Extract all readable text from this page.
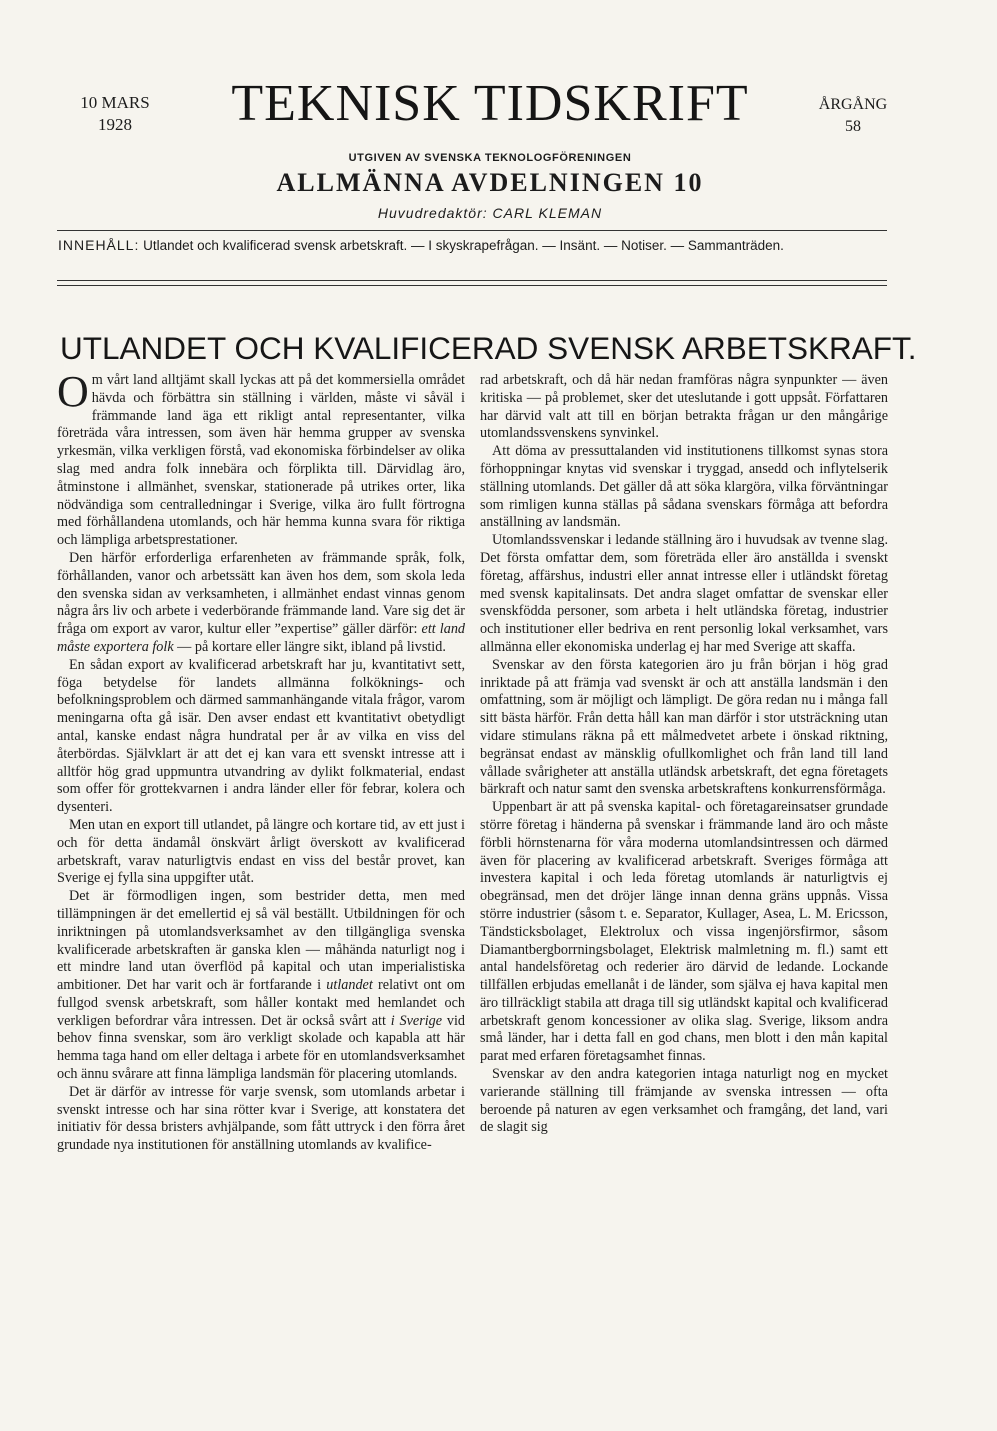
10 MARS
1928	TEKNISK TIDSKRIFT	ÅRGÅNG
58
UTGIVEN AV SVENSKA TEKNOLOGFÖRENINGEN
ALLMÄNNA AVDELNINGEN 10
Huvudredaktör: CARL KLEMAN
INNEHÅLL: Utlandet och kvalificerad svensk arbetskraft. — I skyskrapefrågan. — Insänt. — Notiser. — Sammanträden.
UTLANDET OCH KVALIFICERAD SVENSK ARBETSKRAFT.

Om vårt land alltjämt skall lyckas att på det kommersiella området hävda och förbättra sin ställning i världen, måste vi såväl i främmande land äga ett rikligt antal representanter, vilka företräda våra intressen, som även här hemma grupper av svenska yrkesmän, vilka verkligen förstå, vad ekonomiska förbindelser av olika slag med andra folk innebära och förplikta till. Därvidlag äro, åtminstone i allmänhet, svenskar, stationerade på utrikes orter, lika nödvändiga som centralledningar i Sverige, vilka äro fullt förtrogna med förhållandena utomlands, och här hemma kunna svara för riktiga och lämpliga arbetsprestationer.

Den härför erforderliga erfarenheten av främmande språk, folk, förhållanden, vanor och arbetssätt kan även hos dem, som skola leda den svenska sidan av verksamheten, i allmänhet endast vinnas genom några års liv och arbete i vederbörande främmande land. Vare sig det är fråga om export av varor, kultur eller ”expertise” gäller därför: ett land måste exportera folk — på kortare eller längre sikt, ibland på livstid.

En sådan export av kvalificerad arbetskraft har ju, kvantitativt sett, föga betydelse för landets allmänna folköknings- och befolkningsproblem och därmed sammanhängande vitala frågor, varom meningarna ofta gå isär. Den avser endast ett kvantitativt obetydligt antal, kanske endast några hundratal per år av vilka en viss del återbördas. Självklart är att det ej kan vara ett svenskt intresse att i alltför hög grad uppmuntra utvandring av dylikt folkmaterial, endast som offer för grottekvarnen i andra länder eller för febrar, kolera och dysenteri.

Men utan en export till utlandet, på längre och kortare tid, av ett just i och för detta ändamål önskvärt årligt överskott av kvalificerad arbetskraft, varav naturligtvis endast en viss del består provet, kan Sverige ej fylla sina uppgifter utåt.

Det är förmodligen ingen, som bestrider detta, men med tillämpningen är det emellertid ej så väl beställt. Utbildningen för och inriktningen på utomlandsverksamhet av den tillgängliga svenska kvalificerade arbetskraften är ganska klen — måhända naturligt nog i ett mindre land utan överflöd på kapital och utan imperialistiska ambitioner. Det har varit och är fortfarande i utlandet relativt ont om fullgod svensk arbetskraft, som håller kontakt med hemlandet och verkligen befordrar våra intressen. Det är också svårt att i Sverige vid behov finna svenskar, som äro verkligt skolade och kapabla att här hemma taga hand om eller deltaga i arbete för en utomlandsverksamhet och ännu svårare att finna lämpliga landsmän för placering utomlands.

Det är därför av intresse för varje svensk, som utomlands arbetar i svenskt intresse och har sina rötter kvar i Sverige, att konstatera det initiativ för dessa bristers avhjälpande, som fått uttryck i den förra året grundade nya institutionen för anställning utomlands av kvalifice-

rad arbetskraft, och då här nedan framföras några synpunkter — även kritiska — på problemet, sker det uteslutande i gott uppsåt. Författaren har därvid valt att till en början betrakta frågan ur den mångårige utomlandssvenskens synvinkel.

Att döma av pressuttalanden vid institutionens tillkomst synas stora förhoppningar knytas vid svenskar i tryggad, ansedd och inflytelserik ställning utomlands. Det gäller då att söka klargöra, vilka förväntningar som rimligen kunna ställas på sådana svenskars förmåga att befordra anställning av landsmän.

Utomlandssvenskar i ledande ställning äro i huvudsak av tvenne slag. Det första omfattar dem, som företräda eller äro anställda i svenskt företag, affärshus, industri eller annat intresse eller i utländskt företag med svensk kapitalinsats. Det andra slaget omfattar de svenskar eller svenskfödda personer, som arbeta i helt utländska företag, industrier och institutioner eller bedriva en rent personlig lokal verksamhet, vars allmänna eller ekonomiska underlag ej har med Sverige att skaffa.

Svenskar av den första kategorien äro ju från början i hög grad inriktade på att främja vad svenskt är och att anställa landsmän i den omfattning, som är möjligt och lämpligt. De göra redan nu i många fall sitt bästa härför. Från detta håll kan man därför i stor utsträckning utan vidare stimulans räkna på ett målmedvetet arbete i önskad riktning, begränsat endast av mänsklig ofullkomlighet och från land till land vållade svårigheter att anställa utländsk arbetskraft, det egna företagets bärkraft och natur samt den svenska arbetskraftens konkurrensförmåga.

Uppenbart är att på svenska kapital- och företagareinsatser grundade större företag i händerna på svenskar i främmande land äro och måste förbli hörnstenarna för våra moderna utomlandsintressen och därmed även för placering av kvalificerad arbetskraft. Sveriges förmåga att investera kapital i och leda företag utomlands är naturligtvis ej obegränsad, men det dröjer länge innan denna gräns uppnås. Vissa större industrier (såsom t. e. Separator, Kullager, Asea, L. M. Ericsson, Tändsticksbolaget, Elektrolux och vissa ingenjörsfirmor, såsom Diamantbergborrningsbolaget, Elektrisk malmletning m. fl.) samt ett antal handelsföretag och rederier äro därvid de ledande. Lockande tillfällen erbjudas emellanåt i de länder, som själva ej hava kapital men äro tillräckligt stabila att draga till sig utländskt kapital och kvalificerad arbetskraft genom koncessioner av olika slag. Sverige, liksom andra små länder, har i detta fall en god chans, men blott i den mån kapital parat med erfaren företagsamhet finnas.

Svenskar av den andra kategorien intaga naturligt nog en mycket varierande ställning till främjande av svenska intressen — ofta beroende på naturen av egen verksamhet och framgång, det land, vari de slagit sig
